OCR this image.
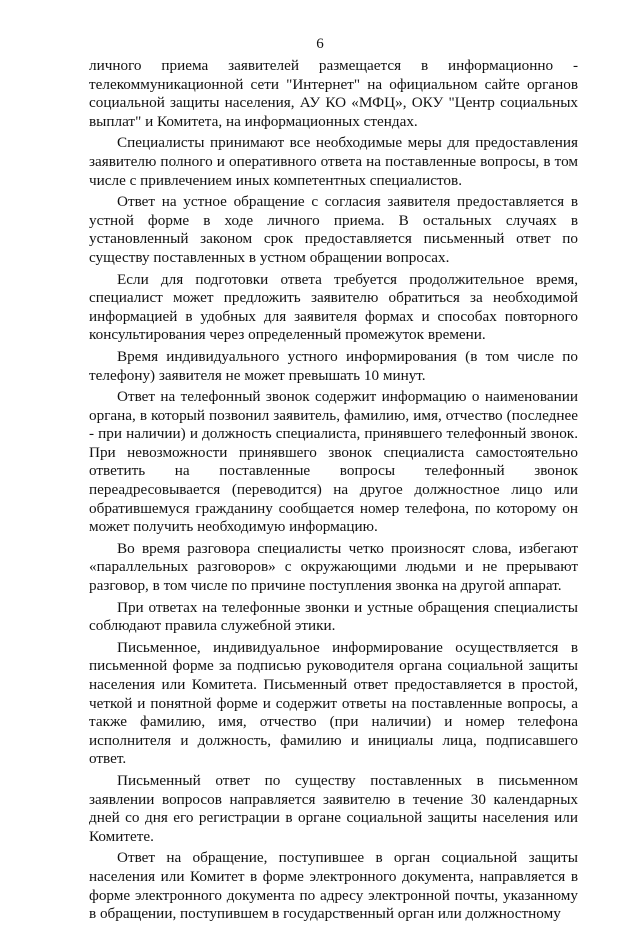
6

личного приема заявителей размещается в информационно - телекоммуникационной сети "Интернет" на официальном сайте органов социальной защиты населения, АУ КО «МФЦ», ОКУ "Центр социальных выплат" и Комитета, на информационных стендах.

Специалисты принимают все необходимые меры для предоставления заявителю полного и оперативного ответа на поставленные вопросы, в том числе с привлечением иных компетентных специалистов.

Ответ на устное обращение с согласия заявителя предоставляется в устной форме в ходе личного приема. В остальных случаях в установленный законом срок предоставляется письменный ответ по существу поставленных в устном обращении вопросах.

Если для подготовки ответа требуется продолжительное время, специалист может предложить заявителю обратиться за необходимой информацией в удобных для заявителя формах и способах повторного консультирования через определенный промежуток времени.

Время индивидуального устного информирования (в том числе по телефону) заявителя не может превышать 10 минут.

Ответ на телефонный звонок содержит информацию о наименовании органа, в который позвонил заявитель, фамилию, имя, отчество (последнее - при наличии) и должность специалиста, принявшего телефонный звонок. При невозможности принявшего звонок специалиста самостоятельно ответить на поставленные вопросы телефонный звонок переадресовывается (переводится) на другое должностное лицо или обратившемуся гражданину сообщается номер телефона, по которому он может получить необходимую информацию.

Во время разговора специалисты четко произносят слова, избегают «параллельных разговоров» с окружающими людьми и не прерывают разговор, в том числе по причине поступления звонка на другой аппарат.

При ответах на телефонные звонки и устные обращения специалисты соблюдают правила служебной этики.

Письменное, индивидуальное информирование осуществляется в письменной форме за подписью руководителя органа социальной защиты населения или Комитета. Письменный ответ предоставляется в простой, четкой и понятной форме и содержит ответы на поставленные вопросы, а также фамилию, имя, отчество (при наличии) и номер телефона исполнителя и должность, фамилию и инициалы лица, подписавшего ответ.

Письменный ответ по существу поставленных в письменном заявлении вопросов направляется заявителю в течение 30 календарных дней со дня его регистрации в органе социальной защиты населения или Комитете.

Ответ на обращение, поступившее в орган социальной защиты населения или Комитет в форме электронного документа, направляется в форме электронного документа по адресу электронной почты, указанному в обращении, поступившем в государственный орган или должностному
